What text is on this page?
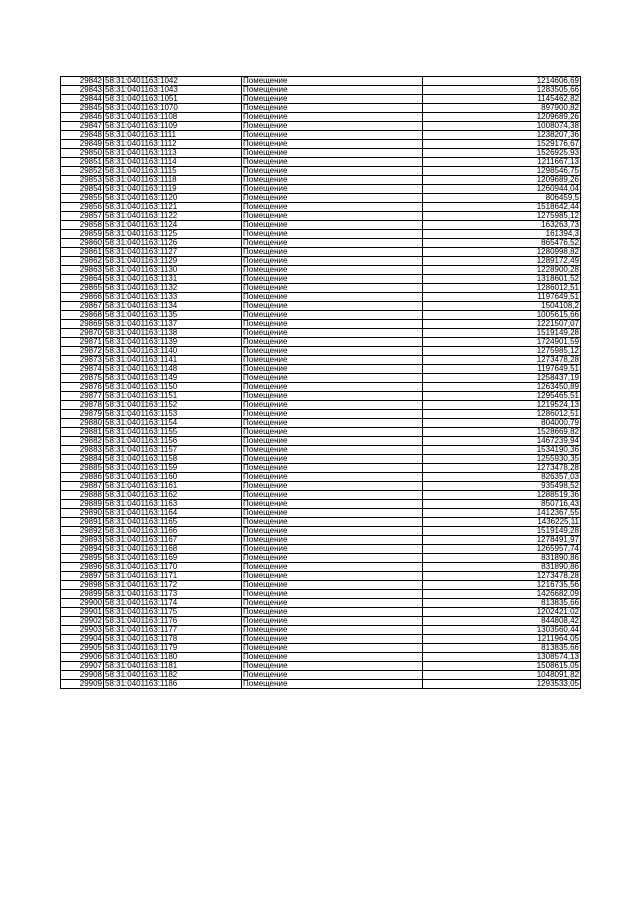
29842	58:31:0401163:1042	Помещение	1214606,69
29843	58:31:0401163:1043	Помещение	1283505,66
29844	58:31:0401163:1051	Помещение	1145462,82
29845	58:31:0401163:1070	Помещение	897900,82
29846	58:31:0401163:1108	Помещение	1209689,26
29847	58:31:0401163:1109	Помещение	1008074,38
29848	58:31:0401163:1111	Помещение	1238207,36
29849	58:31:0401163:1112	Помещение	1529176,67
29850	58:31:0401163:1113	Помещение	1526925,93
29851	58:31:0401163:1114	Помещение	1211667,13
29852	58:31:0401163:1115	Помещение	1298546,75
29853	58:31:0401163:1118	Помещение	1209689,26
29854	58:31:0401163:1119	Помещение	1260944,04
29855	58:31:0401163:1120	Помещение	806459,5
29856	58:31:0401163:1121	Помещение	1518642,44
29857	58:31:0401163:1122	Помещение	1275985,12
29858	58:31:0401163:1124	Помещение	163263,73
29859	58:31:0401163:1125	Помещение	161394,3
29860	58:31:0401163:1126	Помещение	865476,52
29861	58:31:0401163:1127	Помещение	1280998,82
29862	58:31:0401163:1129	Помещение	1289172,49
29863	58:31:0401163:1130	Помещение	1228900,28
29864	58:31:0401163:1131	Помещение	1318601,52
29865	58:31:0401163:1132	Помещение	1286012,51
29866	58:31:0401163:1133	Помещение	1197649,51
29867	58:31:0401163:1134	Помещение	1504108,2
29868	58:31:0401163:1135	Помещение	1005615,66
29869	58:31:0401163:1137	Помещение	1221507,07
29870	58:31:0401163:1138	Помещение	1519149,28
29871	58:31:0401163:1139	Помещение	1724901,59
29872	58:31:0401163:1140	Помещение	1275985,12
29873	58:31:0401163:1141	Помещение	1273478,28
29874	58:31:0401163:1148	Помещение	1197649,51
29875	58:31:0401163:1149	Помещение	1258437,19
29876	58:31:0401163:1150	Помещение	1263450,89
29877	58:31:0401163:1151	Помещение	1295465,51
29878	58:31:0401163:1152	Помещение	1219524,13
29879	58:31:0401163:1153	Помещение	1286012,51
29880	58:31:0401163:1154	Помещение	804000,79
29881	58:31:0401163:1155	Помещение	1528669,82
29882	58:31:0401163:1156	Помещение	1467239,94
29883	58:31:0401163:1157	Помещение	1534190,36
29884	58:31:0401163:1158	Помещение	1255930,35
29885	58:31:0401163:1159	Помещение	1273478,28
29886	58:31:0401163:1160	Помещение	826357,03
29887	58:31:0401163:1161	Помещение	935498,52
29888	58:31:0401163:1162	Помещение	1288519,36
29889	58:31:0401163:1163	Помещение	850716,43
29890	58:31:0401163:1164	Помещение	1412367,55
29891	58:31:0401163:1165	Помещение	1436225,11
29892	58:31:0401163:1166	Помещение	1519149,28
29893	58:31:0401163:1167	Помещение	1278491,97
29894	58:31:0401163:1168	Помещение	1265957,74
29895	58:31:0401163:1169	Помещение	831890,86
29896	58:31:0401163:1170	Помещение	831890,86
29897	58:31:0401163:1171	Помещение	1273478,28
29898	58:31:0401163:1172	Помещение	1216735,56
29899	58:31:0401163:1173	Помещение	1426682,09
29900	58:31:0401163:1174	Помещение	813835,66
29901	58:31:0401163:1175	Помещение	1202421,02
29902	58:31:0401163:1176	Помещение	844808,42
29903	58:31:0401163:1177	Помещение	1303560,44
29904	58:31:0401163:1178	Помещение	1211964,05
29905	58:31:0401163:1179	Помещение	813835,66
29906	58:31:0401163:1180	Помещение	1308574,13
29907	58:31:0401163:1181	Помещение	1508615,05
29908	58:31:0401163:1182	Помещение	1048091,82
29909	58:31:0401163:1186	Помещение	1293533,05
